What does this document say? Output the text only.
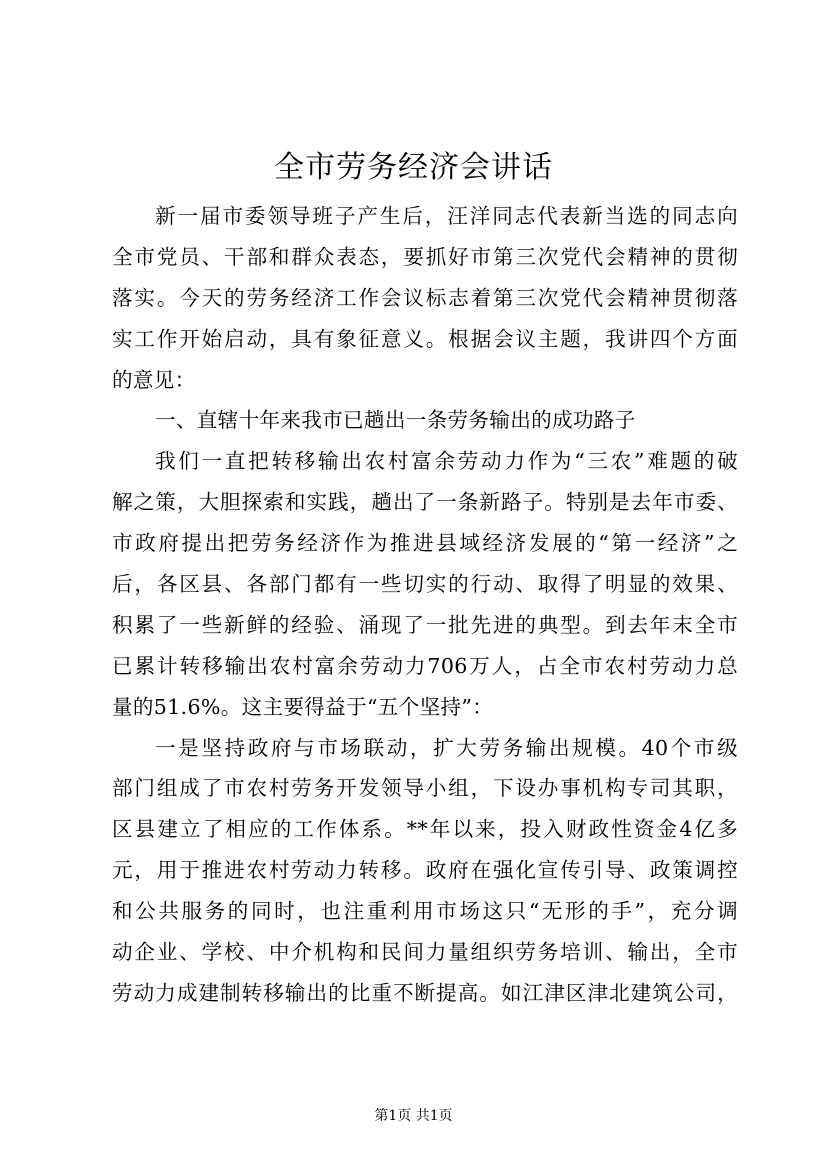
全市劳务经济会讲话
新一届市委领导班子产生后，汪洋同志代表新当选的同志向
全市党员、干部和群众表态，要抓好市第三次党代会精神的贯彻
落实。今天的劳务经济工作会议标志着第三次党代会精神贯彻落
实工作开始启动，具有象征意义。根据会议主题，我讲四个方面
的意见：
一、直辖十年来我市已趟出一条劳务输出的成功路子
我们一直把转移输出农村富余劳动力作为“三农”难题的破
解之策，大胆探索和实践，趟出了一条新路子。特别是去年市委、
市政府提出把劳务经济作为推进县域经济发展的“第一经济”之
后，各区县、各部门都有一些切实的行动、取得了明显的效果、
积累了一些新鲜的经验、涌现了一批先进的典型。到去年末全市
已累计转移输出农村富余劳动力706万人，占全市农村劳动力总
量的51.6%。这主要得益于“五个坚持”：
一是坚持政府与市场联动，扩大劳务输出规模。40个市级
部门组成了市农村劳务开发领导小组，下设办事机构专司其职，
区县建立了相应的工作体系。**年以来，投入财政性资金4亿多
元，用于推进农村劳动力转移。政府在强化宣传引导、政策调控
和公共服务的同时，也注重利用市场这只“无形的手”，充分调
动企业、学校、中介机构和民间力量组织劳务培训、输出，全市
劳动力成建制转移输出的比重不断提高。如江津区津北建筑公司，
第1页 共1页
